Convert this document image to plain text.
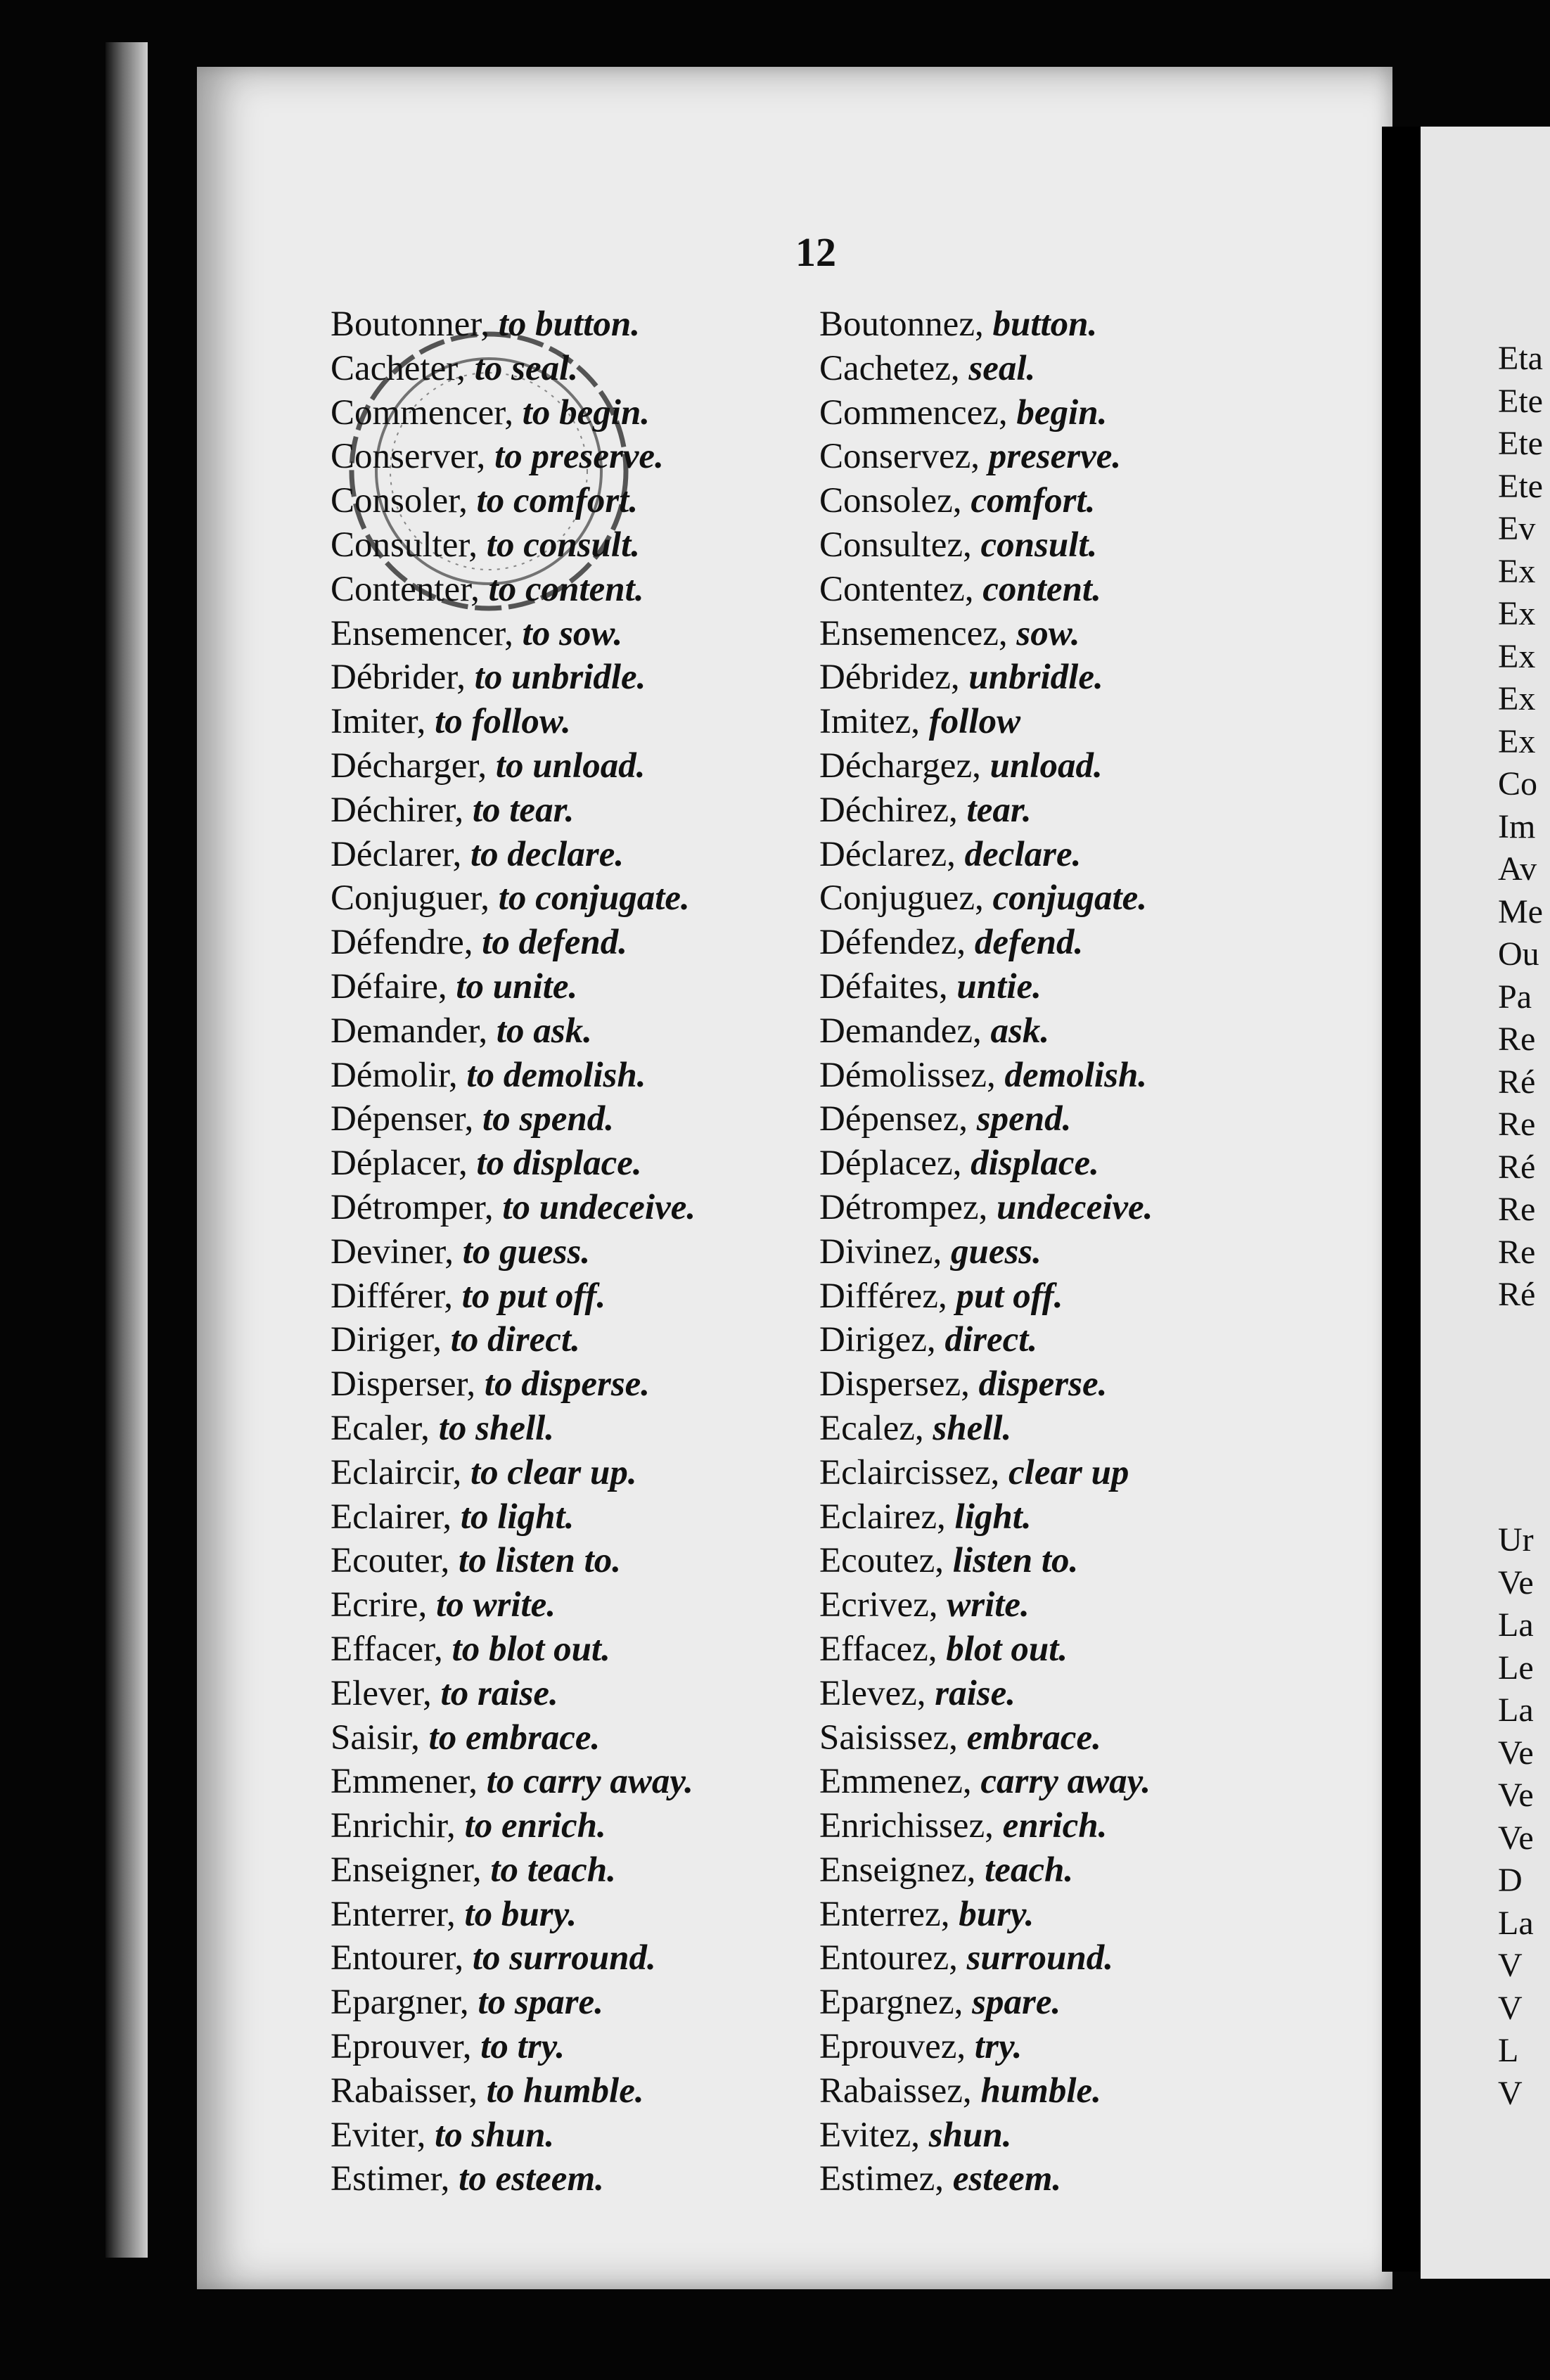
12
Boutonner, to button.
Cacheter, to seal.
Commencer, to begin.
Conserver, to preserve.
Consoler, to comfort.
Consulter, to consult.
Contenter, to content.
Ensemencer, to sow.
Débrider, to unbridle.
Imiter, to follow.
Décharger, to unload.
Déchirer, to tear.
Déclarer, to declare.
Conjuguer, to conjugate.
Défendre, to defend.
Défaire, to unite.
Demander, to ask.
Démolir, to demolish.
Dépenser, to spend.
Déplacer, to displace.
Détromper, to undeceive.
Deviner, to guess.
Différer, to put off.
Diriger, to direct.
Disperser, to disperse.
Ecaler, to shell.
Eclaircir, to clear up.
Eclairer, to light.
Ecouter, to listen to.
Ecrire, to write.
Effacer, to blot out.
Elever, to raise.
Saisir, to embrace.
Emmener, to carry away.
Enrichir, to enrich.
Enseigner, to teach.
Enterrer, to bury.
Entourer, to surround.
Epargner, to spare.
Eprouver, to try.
Rabaisser, to humble.
Eviter, to shun.
Estimer, to esteem.
Boutonnez, button.
Cachetez, seal.
Commencez, begin.
Conservez, preserve.
Consolez, comfort.
Consultez, consult.
Contentez, content.
Ensemencez, sow.
Débridez, unbridle.
Imitez, follow
Déchargez, unload.
Déchirez, tear.
Déclarez, declare.
Conjuguez, conjugate.
Défendez, defend.
Défaites, untie.
Demandez, ask.
Démolissez, demolish.
Dépensez, spend.
Déplacez, displace.
Détrompez, undeceive.
Divinez, guess.
Différez, put off.
Dirigez, direct.
Dispersez, disperse.
Ecalez, shell.
Eclaircissez, clear up
Eclairez, light.
Ecoutez, listen to.
Ecrivez, write.
Effacez, blot out.
Elevez, raise.
Saisissez, embrace.
Emmenez, carry away.
Enrichissez, enrich.
Enseignez, teach.
Enterrez, bury.
Entourez, surround.
Epargnez, spare.
Eprouvez, try.
Rabaissez, humble.
Evitez, shun.
Estimez, esteem.
Eta
Ete
Ete
Ete
Ev
Ex
Ex
Ex
Ex
Ex
Co
Im
Av
Me
Ou
Pa
Re
Ré
Re
Ré
Re
Re
Ré
Ur
Ve
La
Le
La
Ve
Ve
Ve
D
La
V
V
L
V
